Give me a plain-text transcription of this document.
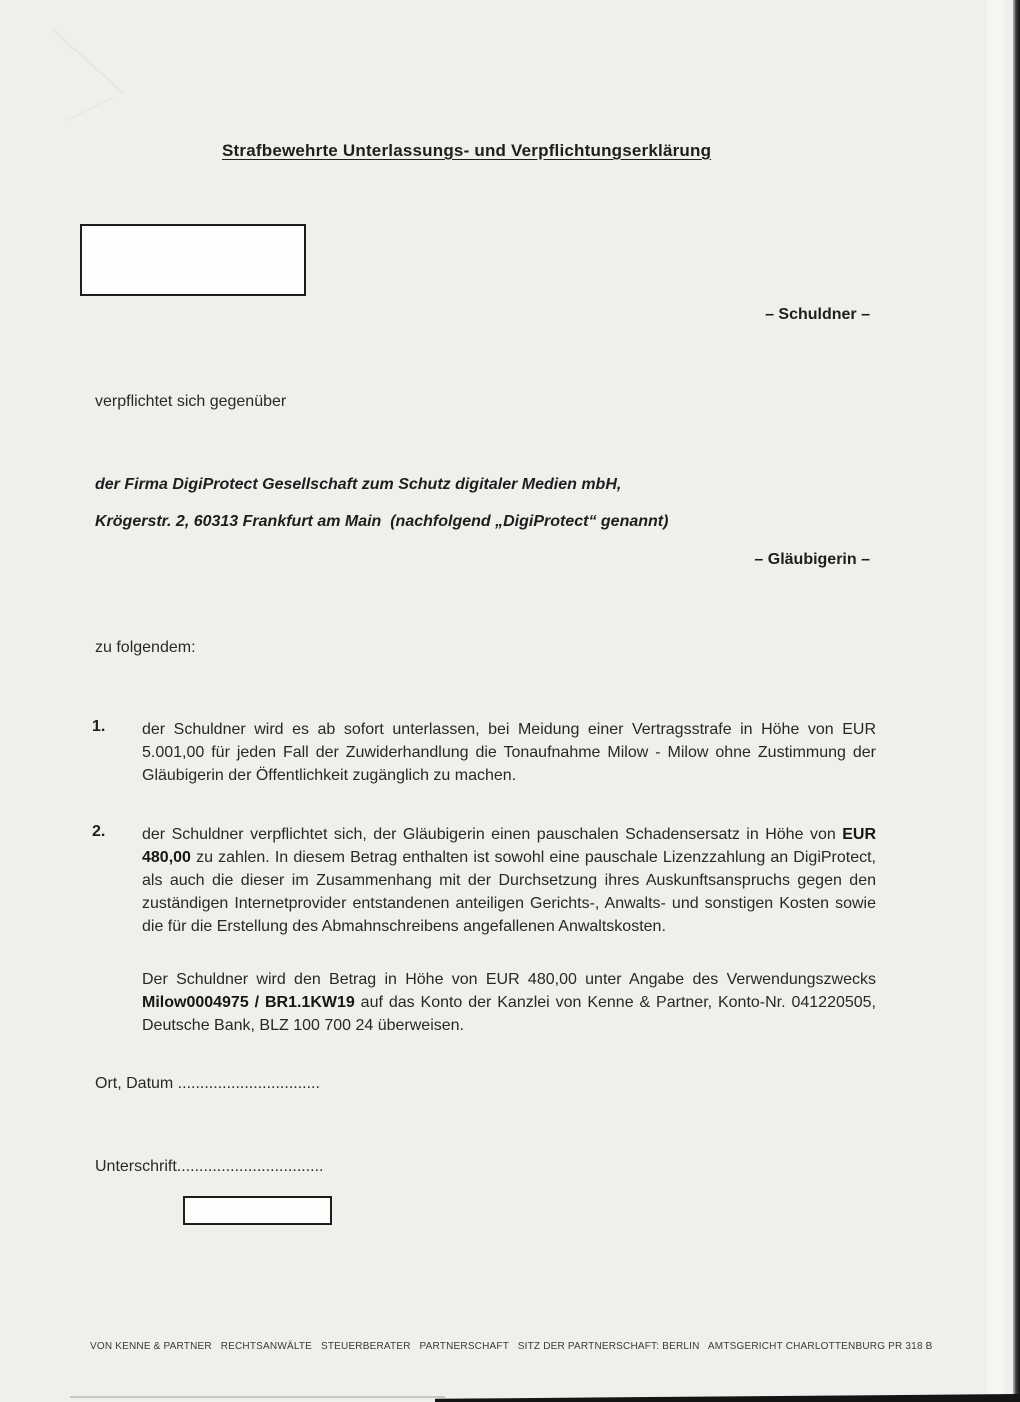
Strafbewehrte Unterlassungs- und Verpflichtungserklärung
– Schuldner –
verpflichtet sich gegenüber
der Firma DigiProtect Gesellschaft zum Schutz digitaler Medien mbH,
Krögerstr. 2, 60313 Frankfurt am Main  (nachfolgend „DigiProtect“ genannt)
– Gläubigerin –
zu folgendem:
1. der Schuldner wird es ab sofort unterlassen, bei Meidung einer Vertragsstrafe in Höhe von EUR 5.001,00 für jeden Fall der Zuwiderhandlung die Tonaufnahme Milow - Milow ohne Zustimmung der Gläubigerin der Öffentlichkeit zugänglich zu machen.
2. der Schuldner verpflichtet sich, der Gläubigerin einen pauschalen Schadensersatz in Höhe von EUR 480,00 zu zahlen. In diesem Betrag enthalten ist sowohl eine pauschale Lizenzzahlung an DigiProtect, als auch die dieser im Zusammenhang mit der Durchsetzung ihres Auskunftsanspruchs gegen den zuständigen Internetprovider entstandenen anteiligen Gerichts-, Anwalts- und sonstigen Kosten sowie die für die Erstellung des Abmahnschreibens angefallenen Anwaltskosten.
Der Schuldner wird den Betrag in Höhe von EUR 480,00 unter Angabe des Verwendungszwecks Milow0004975 / BR1.1KW19 auf das Konto der Kanzlei von Kenne & Partner, Konto-Nr. 041220505, Deutsche Bank, BLZ 100 700 24 überweisen.
Ort, Datum ................................
Unterschrift.................................
VON KENNE & PARTNER   RECHTSANWÄLTE   STEUERBERATER   PARTNERSCHAFT   SITZ DER PARTNERSCHAFT: BERLIN   AMTSGERICHT CHARLOTTENBURG PR 318 B
